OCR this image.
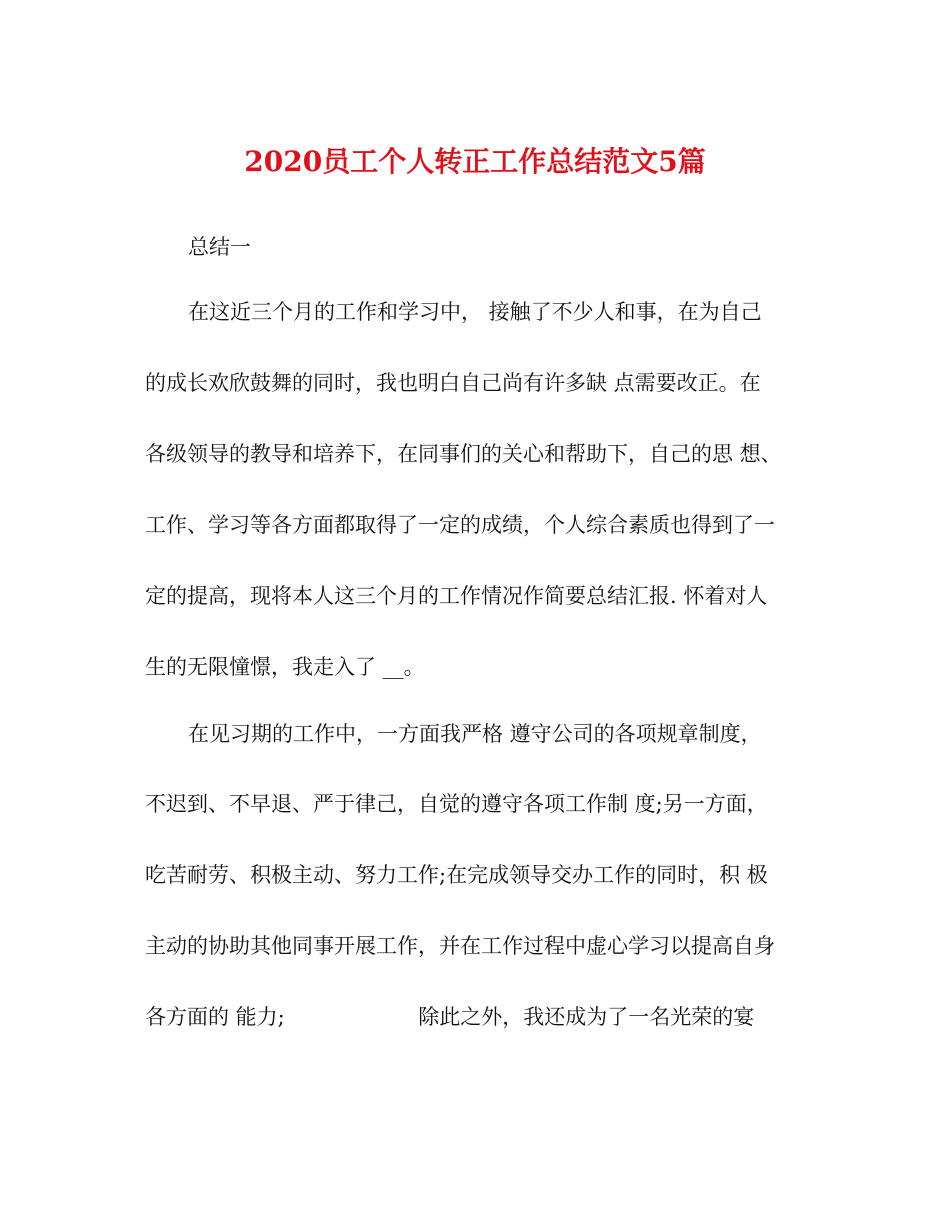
2020员工个人转正工作总结范文5篇
总结一
在这近三个月的工作和学习中， 接触了不少人和事，在为自己
的成长欢欣鼓舞的同时，我也明白自己尚有许多缺 点需要改正。在
各级领导的教导和培养下，在同事们的关心和帮助下，自己的思 想、
工作、学习等各方面都取得了一定的成绩，个人综合素质也得到了一
定的提高，现将本人这三个月的工作情况作简要总结汇报. 怀着对人
生的无限憧憬，我走入了 __。
在见习期的工作中，一方面我严格 遵守公司的各项规章制度，
不迟到、不早退、严于律己，自觉的遵守各项工作制 度;另一方面，
吃苦耐劳、积极主动、努力工作;在完成领导交办工作的同时，积 极
主动的协助其他同事开展工作，并在工作过程中虚心学习以提高自身
各方面的 能力;                    除此之外，我还成为了一名光荣的宴
